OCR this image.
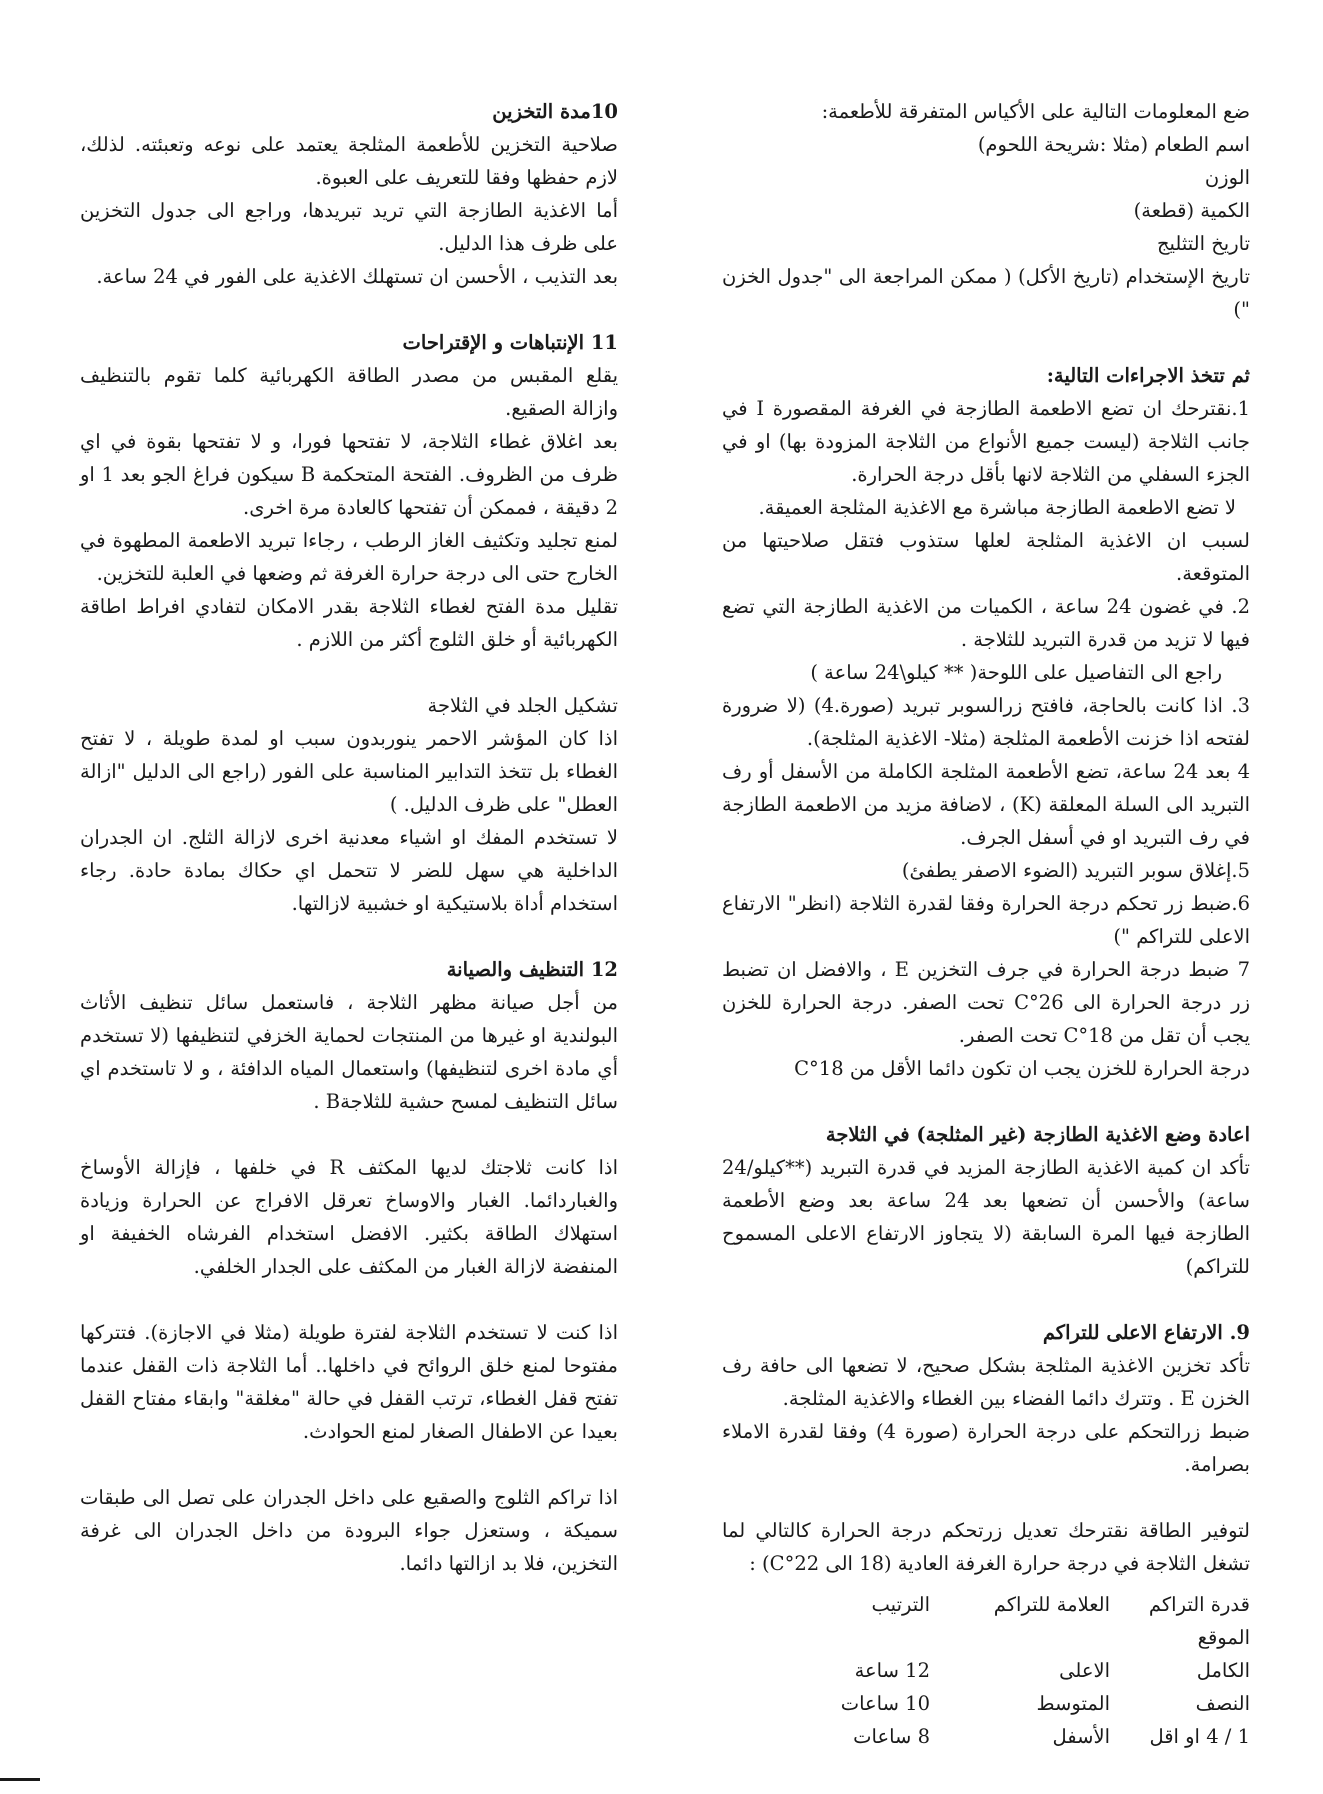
ضع المعلومات التالية على الأكياس المتفرقة للأطعمة:

اسم الطعام (مثلا :شريحة اللحوم)

الوزن

الكمية (قطعة)

تاريخ التثليج

تاريخ الإستخدام (تاريخ الأكل) ( ممكن المراجعة الى "جدول الخزن ")

ثم تتخذ الاجراءات التالية:

1.نقترحك ان تضع الاطعمة الطازجة في الغرفة المقصورة I في جانب الثلاجة (ليست جميع الأنواع من الثلاجة المزودة بها) او في الجزء السفلي من الثلاجة لانها بأقل درجة الحرارة.

لا تضع الاطعمة الطازجة مباشرة مع الاغذية المثلجة العميقة.

لسبب ان الاغذية المثلجة لعلها ستذوب فتقل صلاحيتها من المتوقعة.

2. في غضون 24 ساعة ، الكميات من الاغذية الطازجة التي تضع فيها لا تزيد من قدرة التبريد للثلاجة .

راجع الى التفاصيل على اللوحة( ** كيلو\24 ساعة )

3. اذا كانت بالحاجة، فافتح زرالسوبر تبريد (صورة.4) (لا ضرورة لفتحه اذا خزنت الأطعمة المثلجة (مثلا- الاغذية المثلجة).

4 بعد 24 ساعة، تضع الأطعمة المثلجة الكاملة من الأسفل أو رف التبريد الى السلة المعلقة (K) ، لاضافة مزيد من الاطعمة الطازجة في رف التبريد او في أسفل الجرف.

5.إغلاق سوبر التبريد (الضوء الاصفر يطفئ)

6.ضبط زر تحكم درجة الحرارة وفقا لقدرة الثلاجة (انظر" الارتفاع الاعلى للتراكم ")

7 ضبط درجة الحرارة في جرف التخزين E ، والافضل ان تضبط زر درجة الحرارة الى 26°C تحت الصفر. درجة الحرارة للخزن يجب أن تقل من 18°C تحت الصفر.

درجة الحرارة للخزن يجب ان تكون دائما الأقل من 18°C

اعادة وضع الاغذية الطازجة (غير المثلجة) في الثلاجة

تأكد ان كمية الاغذية الطازجة المزيد في قدرة التبريد (**كيلو/24 ساعة) والأحسن أن تضعها بعد 24 ساعة بعد وضع الأطعمة الطازجة فيها المرة السابقة (لا يتجاوز الارتفاع الاعلى المسموح للتراكم)

9. الارتفاع الاعلى للتراكم

تأكد تخزين الاغذية المثلجة بشكل صحيح، لا تضعها الى حافة رف الخزن E . وتترك دائما الفضاء بين الغطاء والاغذية المثلجة.

ضبط زرالتحكم على درجة الحرارة (صورة 4) وفقا لقدرة الاملاء بصرامة.

لتوفير الطاقة نقترحك تعديل زرتحكم درجة الحرارة كالتالي لما تشغل الثلاجة في درجة حرارة الغرفة العادية (18 الى 22°C) :

قدرة التراكم الموقع	العلامة للتراكم	الترتيب
الكامل	الاعلى	12 ساعة
النصف	المتوسط	10 ساعات
1 / 4 او اقل	الأسفل	8 ساعات

10مدة التخزين

صلاحية التخزين للأطعمة المثلجة يعتمد على نوعه وتعبئته. لذلك، لازم حفظها وفقا للتعريف على العبوة.

أما الاغذية الطازجة التي تريد تبريدها، وراجع الى جدول التخزين على ظرف هذا الدليل.

بعد التذيب ، الأحسن ان تستهلك الاغذية على الفور في 24 ساعة.

11 الإنتباهات و الإقتراحات

يقلع المقبس من مصدر الطاقة الكهربائية كلما تقوم بالتنظيف وازالة الصقيع.

بعد اغلاق غطاء الثلاجة، لا تفتحها فورا، و لا تفتحها بقوة في اي ظرف من الظروف. الفتحة المتحكمة B سيكون فراغ الجو بعد 1 او 2 دقيقة ، فممكن أن تفتحها كالعادة مرة اخرى.

لمنع تجليد وتكثيف الغاز الرطب ، رجاءا تبريد الاطعمة المطهوة في الخارج حتى الى درجة حرارة الغرفة ثم وضعها في العلبة للتخزين.

تقليل مدة الفتح لغطاء الثلاجة بقدر الامكان لتفادي افراط اطاقة الكهربائية أو خلق الثلوج أكثر من اللازم .

تشكيل الجلد في الثلاجة

اذا كان المؤشر الاحمر ينوربدون سبب او لمدة طويلة ، لا تفتح الغطاء بل تتخذ التدابير المناسبة على الفور (راجع الى الدليل "ازالة العطل" على ظرف الدليل. )

لا تستخدم المفك او اشياء معدنية اخرى لازالة الثلج. ان الجدران الداخلية هي سهل للضر لا تتحمل اي حكاك بمادة حادة. رجاء استخدام أداة بلاستيكية او خشبية لازالتها.

12 التنظيف والصيانة

من أجل صيانة مظهر الثلاجة ، فاستعمل سائل تنظيف الأثاث البولندية او غيرها من المنتجات لحماية الخزفي لتنظيفها (لا تستخدم أي مادة اخرى لتنظيفها) واستعمال المياه الدافئة ، و لا تاستخدم اي سائل التنظيف لمسح حشية للثلاجةB .

اذا كانت ثلاجتك لديها المكثف R في خلفها ، فإزالة الأوساخ والغباردائما. الغبار والاوساخ تعرقل الافراج عن الحرارة وزيادة استهلاك الطاقة بكثير. الافضل استخدام الفرشاه الخفيفة او المنفضة لازالة الغبار من المكثف على الجدار الخلفي.

اذا كنت لا تستخدم الثلاجة لفترة طويلة (مثلا في الاجازة). فتتركها مفتوحا لمنع خلق الروائح في داخلها.. أما الثلاجة ذات القفل عندما تفتح قفل الغطاء، ترتب القفل في حالة "مغلقة" وابقاء مفتاح القفل بعيدا عن الاطفال الصغار لمنع الحوادث.

اذا تراكم الثلوج والصقيع على داخل الجدران على تصل الى طبقات سميكة ، وستعزل جواء البرودة من داخل الجدران الى غرفة التخزين، فلا بد ازالتها دائما.
